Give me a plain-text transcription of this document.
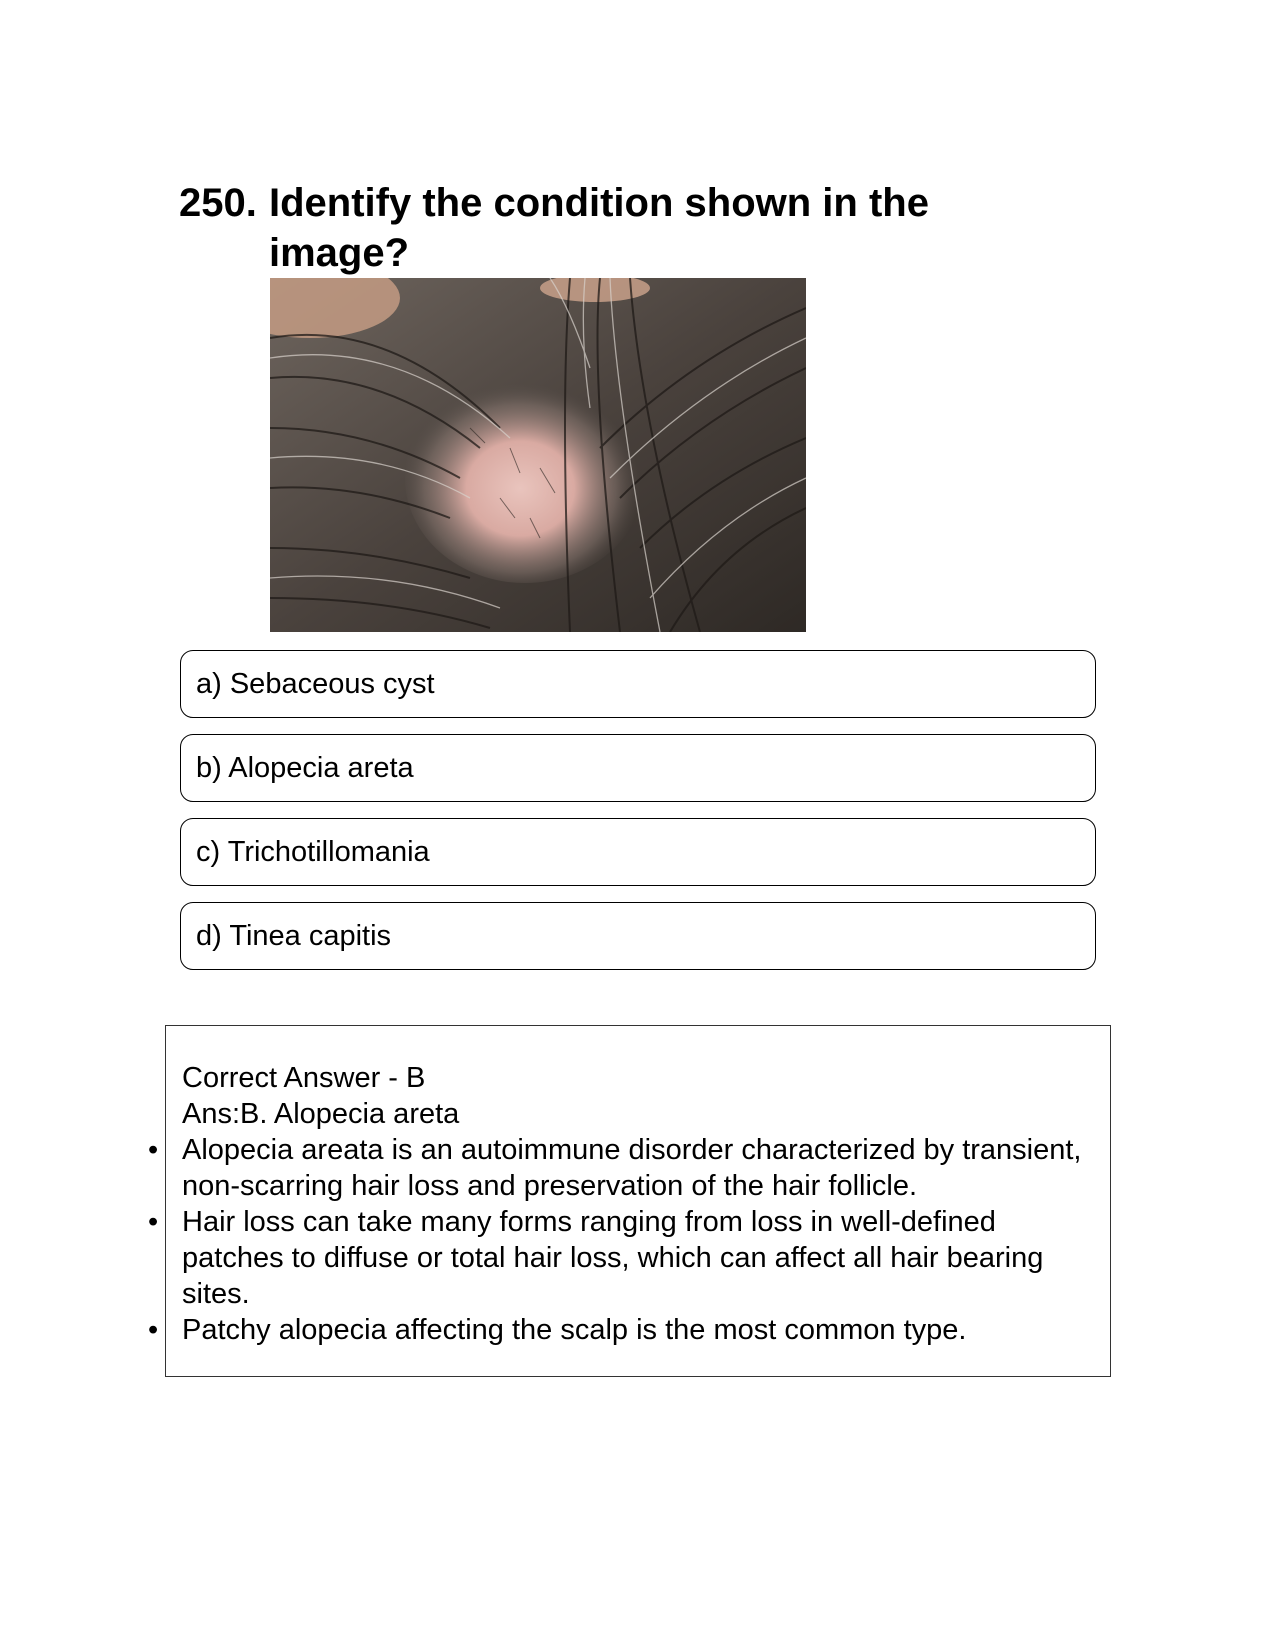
250. Identify the condition shown in the image?
a) Sebaceous cyst
b) Alopecia areta
c) Trichotillomania
d) Tinea capitis
Correct Answer - B
Ans:B. Alopecia areta
• Alopecia areata is an autoimmune disorder characterized by transient, non-scarring hair loss and preservation of the hair follicle.
• Hair loss can take many forms ranging from loss in well-defined patches to diffuse or total hair loss, which can affect all hair bearing sites.
• Patchy alopecia affecting the scalp is the most common type.
